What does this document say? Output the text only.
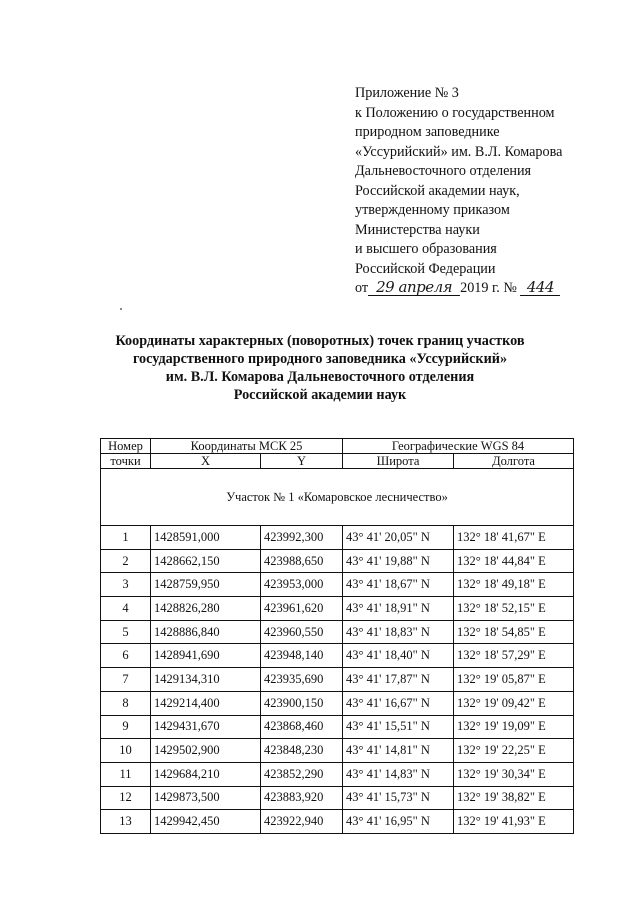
Приложение № 3
к Положению о государственном
природном заповеднике
«Уссурийский» им. В.Л. Комарова
Дальневосточного отделения
Российской академии наук,
утвержденному приказом
Министерства науки
и высшего образования
Российской Федерации
от 29 апреля 2019 г. № 444
Координаты характерных (поворотных) точек границ участков
государственного природного заповедника «Уссурийский»
им. В.Л. Комарова Дальневосточного отделения
Российской академии наук
Номер	Координаты МСК 25		Географические WGS 84	
точки	X	Y	Широта	Долгота
Участок № 1 «Комаровское лесничество»				
1	1428591,000	423992,300	43° 41' 20,05" N	132° 18' 41,67" E
2	1428662,150	423988,650	43° 41' 19,88" N	132° 18' 44,84" E
3	1428759,950	423953,000	43° 41' 18,67" N	132° 18' 49,18" E
4	1428826,280	423961,620	43° 41' 18,91" N	132° 18' 52,15" E
5	1428886,840	423960,550	43° 41' 18,83" N	132° 18' 54,85" E
6	1428941,690	423948,140	43° 41' 18,40" N	132° 18' 57,29" E
7	1429134,310	423935,690	43° 41' 17,87" N	132° 19' 05,87" E
8	1429214,400	423900,150	43° 41' 16,67" N	132° 19' 09,42" E
9	1429431,670	423868,460	43° 41' 15,51" N	132° 19' 19,09" E
10	1429502,900	423848,230	43° 41' 14,81" N	132° 19' 22,25" E
11	1429684,210	423852,290	43° 41' 14,83" N	132° 19' 30,34" E
12	1429873,500	423883,920	43° 41' 15,73" N	132° 19' 38,82" E
13	1429942,450	423922,940	43° 41' 16,95" N	132° 19' 41,93" E
